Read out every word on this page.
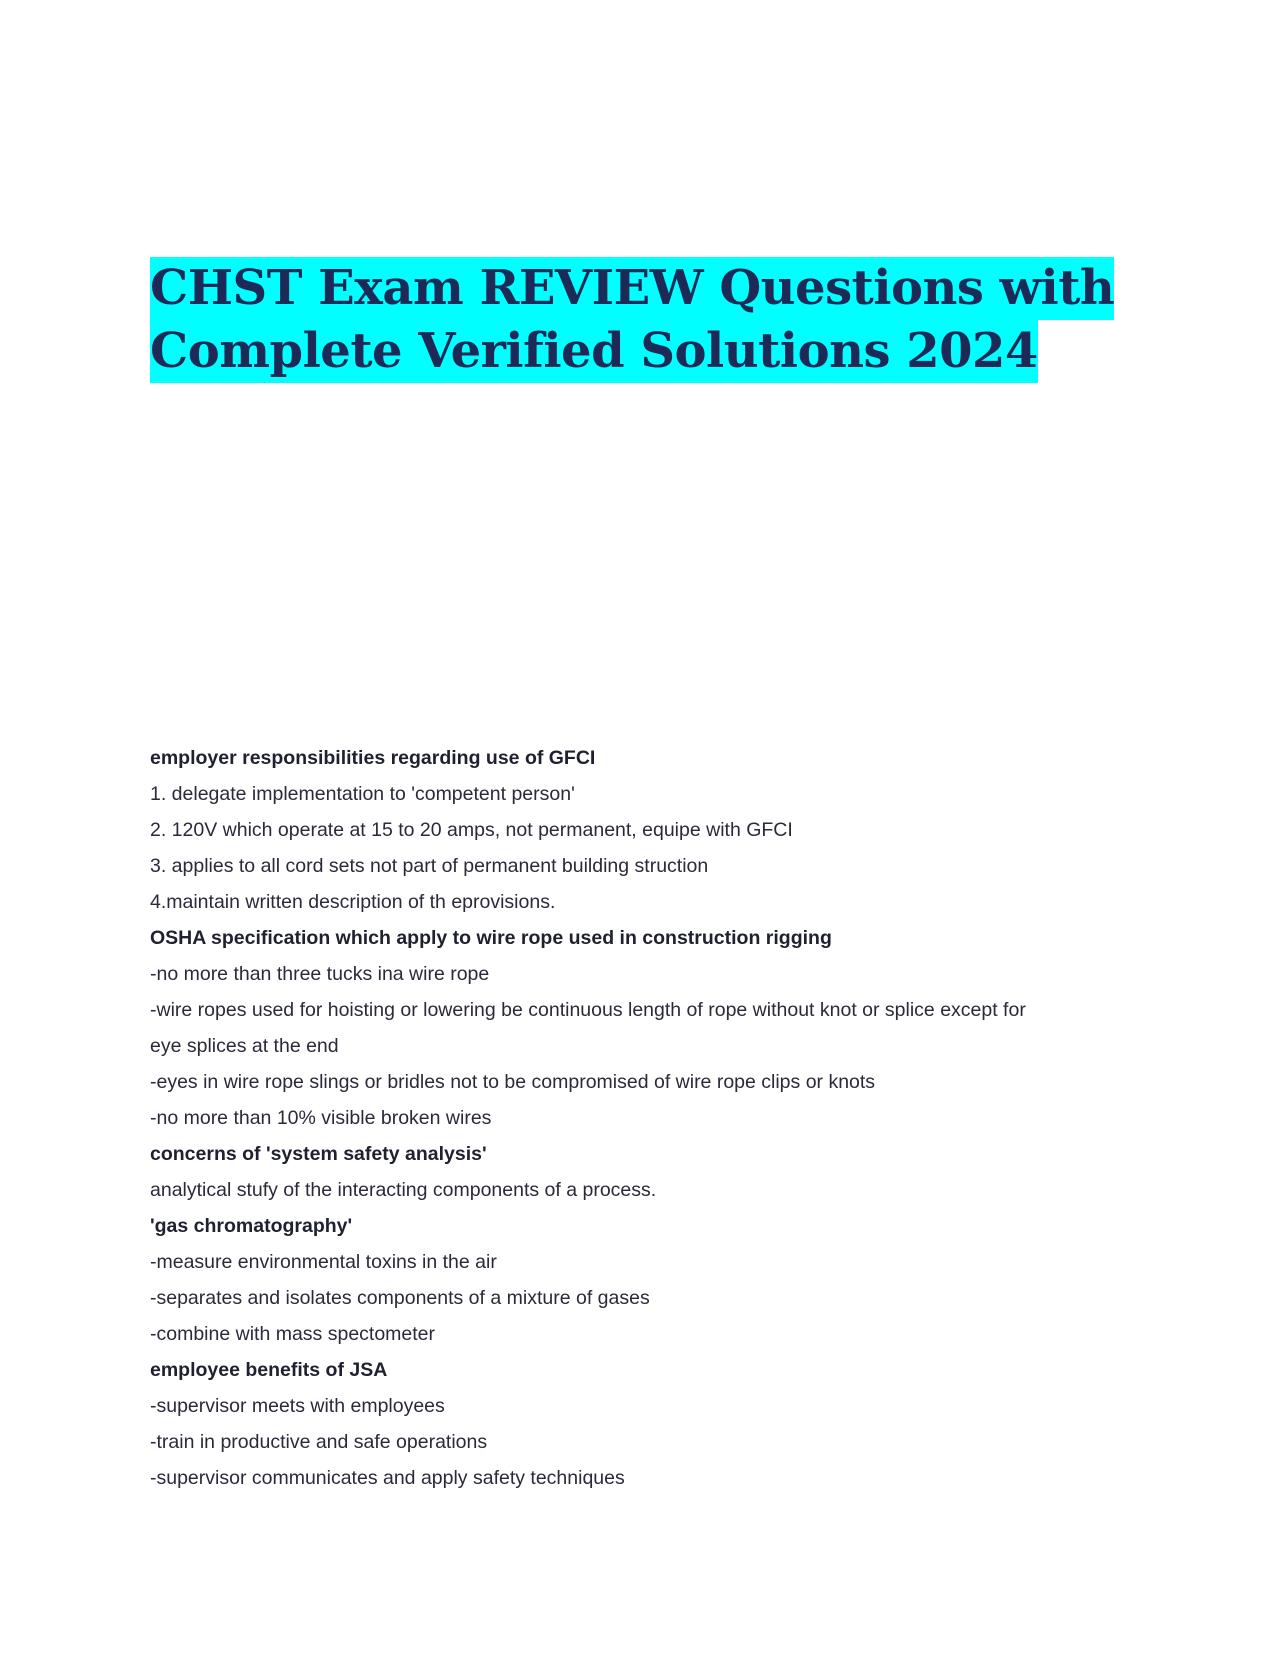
CHST Exam REVIEW Questions with
Complete Verified Solutions 2024
employer responsibilities regarding use of GFCI
1. delegate implementation to 'competent person'
2. 120V which operate at 15 to 20 amps, not permanent, equipe with GFCI
3. applies to all cord sets not part of permanent building struction
4.maintain written description of th eprovisions.
OSHA specification which apply to wire rope used in construction rigging
-no more than three tucks ina wire rope
-wire ropes used for hoisting or lowering be continuous length of rope without knot or splice except for
eye splices at the end
-eyes in wire rope slings or bridles not to be compromised of wire rope clips or knots
-no more than 10% visible broken wires
concerns of 'system safety analysis'
analytical stufy of the interacting components of a process.
'gas chromatography'
-measure environmental toxins in the air
-separates and isolates components of a mixture of gases
-combine with mass spectometer
employee benefits of JSA
-supervisor meets with employees
-train in productive and safe operations
-supervisor communicates and apply safety techniques
